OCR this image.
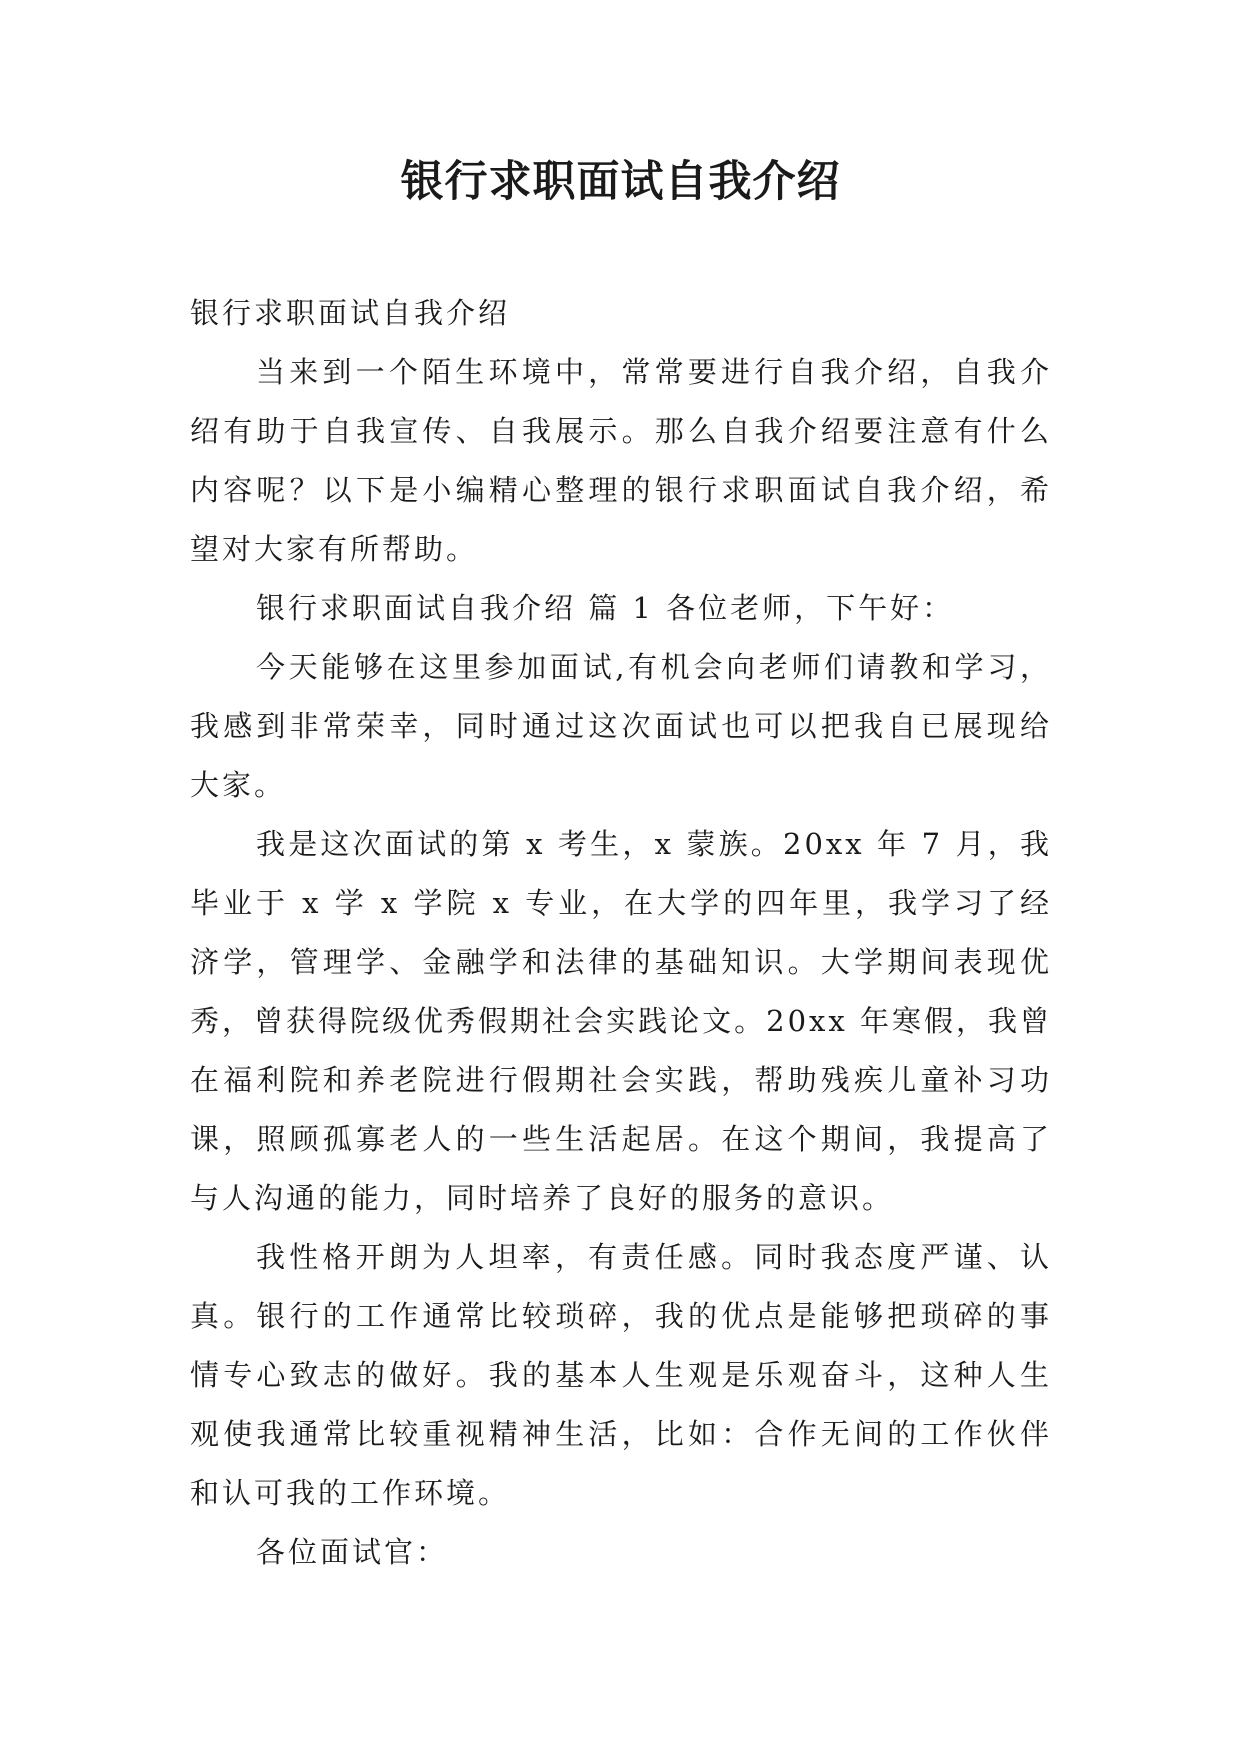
银行求职面试自我介绍

银行求职面试自我介绍

当来到一个陌生环境中，常常要进行自我介绍，自我介绍有助于自我宣传、自我展示。那么自我介绍要注意有什么内容呢？以下是小编精心整理的银行求职面试自我介绍，希望对大家有所帮助。

银行求职面试自我介绍 篇 1 各位老师，下午好：

今天能够在这里参加面试,有机会向老师们请教和学习，我感到非常荣幸，同时通过这次面试也可以把我自已展现给大家。

我是这次面试的第 x 考生，x 蒙族。20xx 年 7 月，我毕业于 x 学 x 学院 x 专业，在大学的四年里，我学习了经济学，管理学、金融学和法律的基础知识。大学期间表现优秀，曾获得院级优秀假期社会实践论文。20xx 年寒假，我曾在福利院和养老院进行假期社会实践，帮助残疾儿童补习功课，照顾孤寡老人的一些生活起居。在这个期间，我提高了与人沟通的能力，同时培养了良好的服务的意识。

我性格开朗为人坦率，有责任感。同时我态度严谨、认真。银行的工作通常比较琐碎，我的优点是能够把琐碎的事情专心致志的做好。我的基本人生观是乐观奋斗，这种人生观使我通常比较重视精神生活，比如：合作无间的工作伙伴和认可我的工作环境。

各位面试官：
